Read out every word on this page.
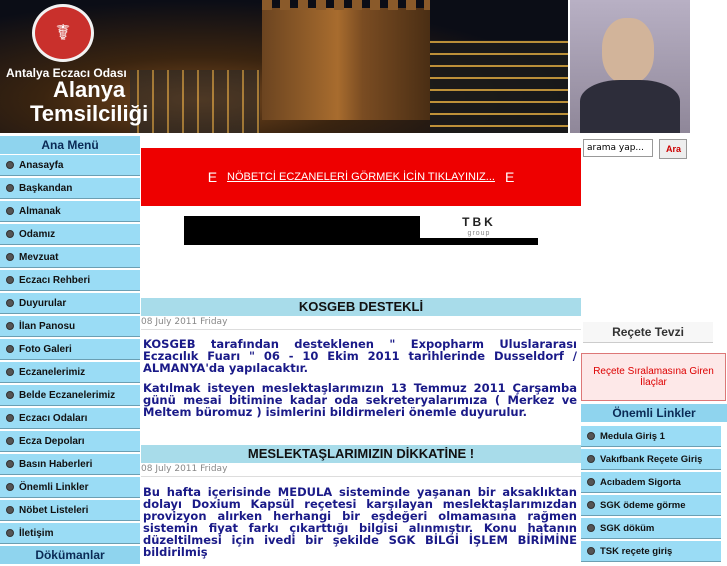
☤
Antalya Eczacı Odası
Alanya
Temsilciliği
Ana Menü
Anasayfa
Başkandan
Almanak
Odamız
Mevzuat
Eczacı Rehberi
Duyurular
İlan Panosu
Foto Galeri
Eczanelerimiz
Belde Eczanelerimiz
Eczacı Odaları
Ecza Depoları
Basın Haberleri
Önemli Linkler
Nöbet Listeleri
İletişim
Dökümanlar
E NÖBETCİ ECZANELERİ GÖRMEK İCİN TIKLAYINIZ... E
TBK
group
KOSGEB DESTEKLİ
08 July 2011 Friday

KOSGEB tarafından desteklenen " Expopharm Uluslararası Eczacılık Fuarı " 06 - 10 Ekim 2011 tarihlerinde Dusseldorf / ALMANYA'da yapılacaktır.

Katılmak isteyen meslektaşlarımızın 13 Temmuz 2011 Çarşamba günü mesai bitimine kadar oda sekreteryalarımıza ( Merkez ve Meltem büromuz ) isimlerini bildirmeleri önemle duyurulur.

MESLEKTAŞLARIMIZIN DİKKATİNE !
08 July 2011 Friday

Bu hafta içerisinde MEDULA sisteminde yaşanan bir aksaklıktan dolayı Doxium Kapsül reçetesi karşılayan meslektaşlarımızdan provizyon alırken herhangi bir eşdeğeri olmamasına rağmen sistemin fiyat farkı çıkarttığı bilgisi alınmıştır. Konu hatanın düzeltilmesi için ivedi bir şekilde SGK BİLGİ İŞLEM BİRİMİNE bildirilmiş

arama yap...
Ara
Reçete Tevzi
Reçete Sıralamasına Giren İlaçlar
Önemli Linkler
Medula Giriş 1
Vakıfbank Reçete Giriş
Acıbadem Sigorta
SGK ödeme görme
SGK döküm
TSK reçete giriş
